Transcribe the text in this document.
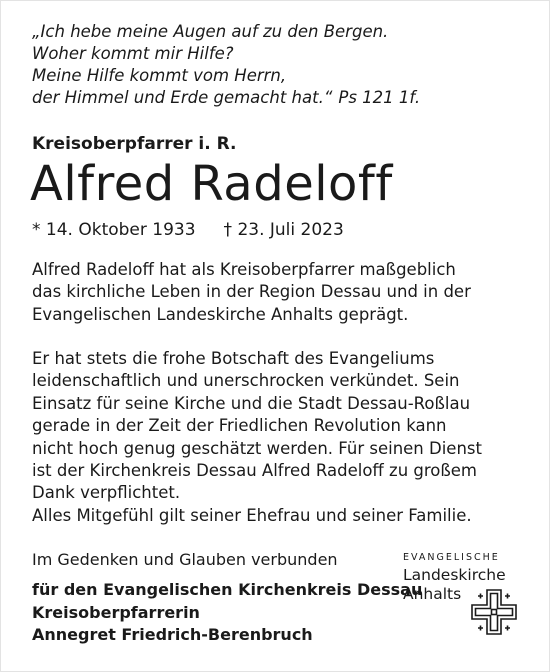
„Ich hebe meine Augen auf zu den Bergen.
Woher kommt mir Hilfe?
Meine Hilfe kommt vom Herrn,
der Himmel und Erde gemacht hat.“ Ps 121 1f.
Kreisoberpfarrer i. R.
Alfred Radeloff
* 14. Oktober 1933 † 23. Juli 2023
Alfred Radeloff hat als Kreisoberpfarrer maßgeblich
das kirchliche Leben in der Region Dessau und in der
Evangelischen Landeskirche Anhalts geprägt.
Er hat stets die frohe Botschaft des Evangeliums
leidenschaftlich und unerschrocken verkündet. Sein
Einsatz für seine Kirche und die Stadt Dessau-Roßlau
gerade in der Zeit der Friedlichen Revolution kann
nicht hoch genug geschätzt werden. Für seinen Dienst
ist der Kirchenkreis Dessau Alfred Radeloff zu großem
Dank verpflichtet.
Alles Mitgefühl gilt seiner Ehefrau und seiner Familie.
Im Gedenken und Glauben verbunden
für den Evangelischen Kirchenkreis Dessau
Kreisoberpfarrerin
Annegret Friedrich-Berenbruch
EVANGELISCHE
Landeskirche
Anhalts
